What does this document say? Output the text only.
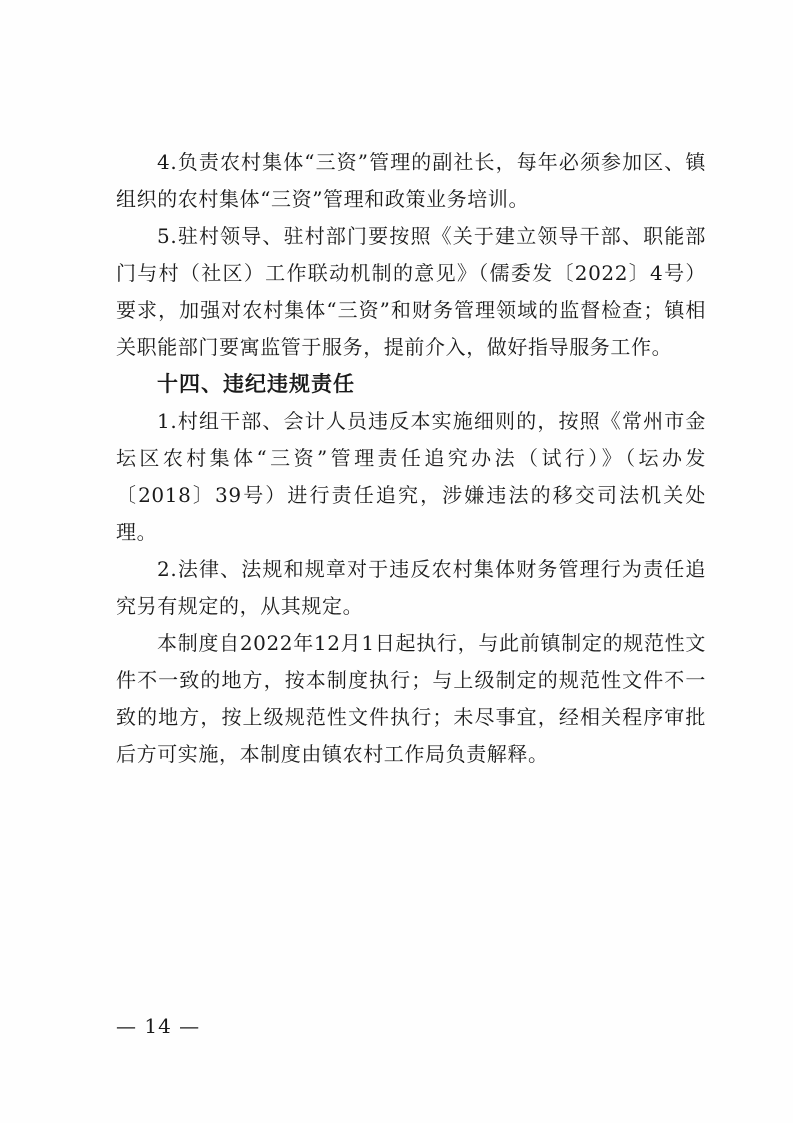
4.负责农村集体“三资”管理的副社长，每年必须参加区、镇组织的农村集体“三资”管理和政策业务培训。

5.驻村领导、驻村部门要按照《关于建立领导干部、职能部门与村（社区）工作联动机制的意见》（儒委发〔2022〕4号）要求，加强对农村集体“三资”和财务管理领域的监督检查；镇相关职能部门要寓监管于服务，提前介入，做好指导服务工作。

十四、违纪违规责任

1.村组干部、会计人员违反本实施细则的，按照《常州市金坛区农村集体“三资”管理责任追究办法（试行）》（坛办发〔2018〕39号）进行责任追究，涉嫌违法的移交司法机关处理。

2.法律、法规和规章对于违反农村集体财务管理行为责任追究另有规定的，从其规定。

本制度自2022年12月1日起执行，与此前镇制定的规范性文件不一致的地方，按本制度执行；与上级制定的规范性文件不一致的地方，按上级规范性文件执行；未尽事宜，经相关程序审批后方可实施，本制度由镇农村工作局负责解释。

— 14 —
